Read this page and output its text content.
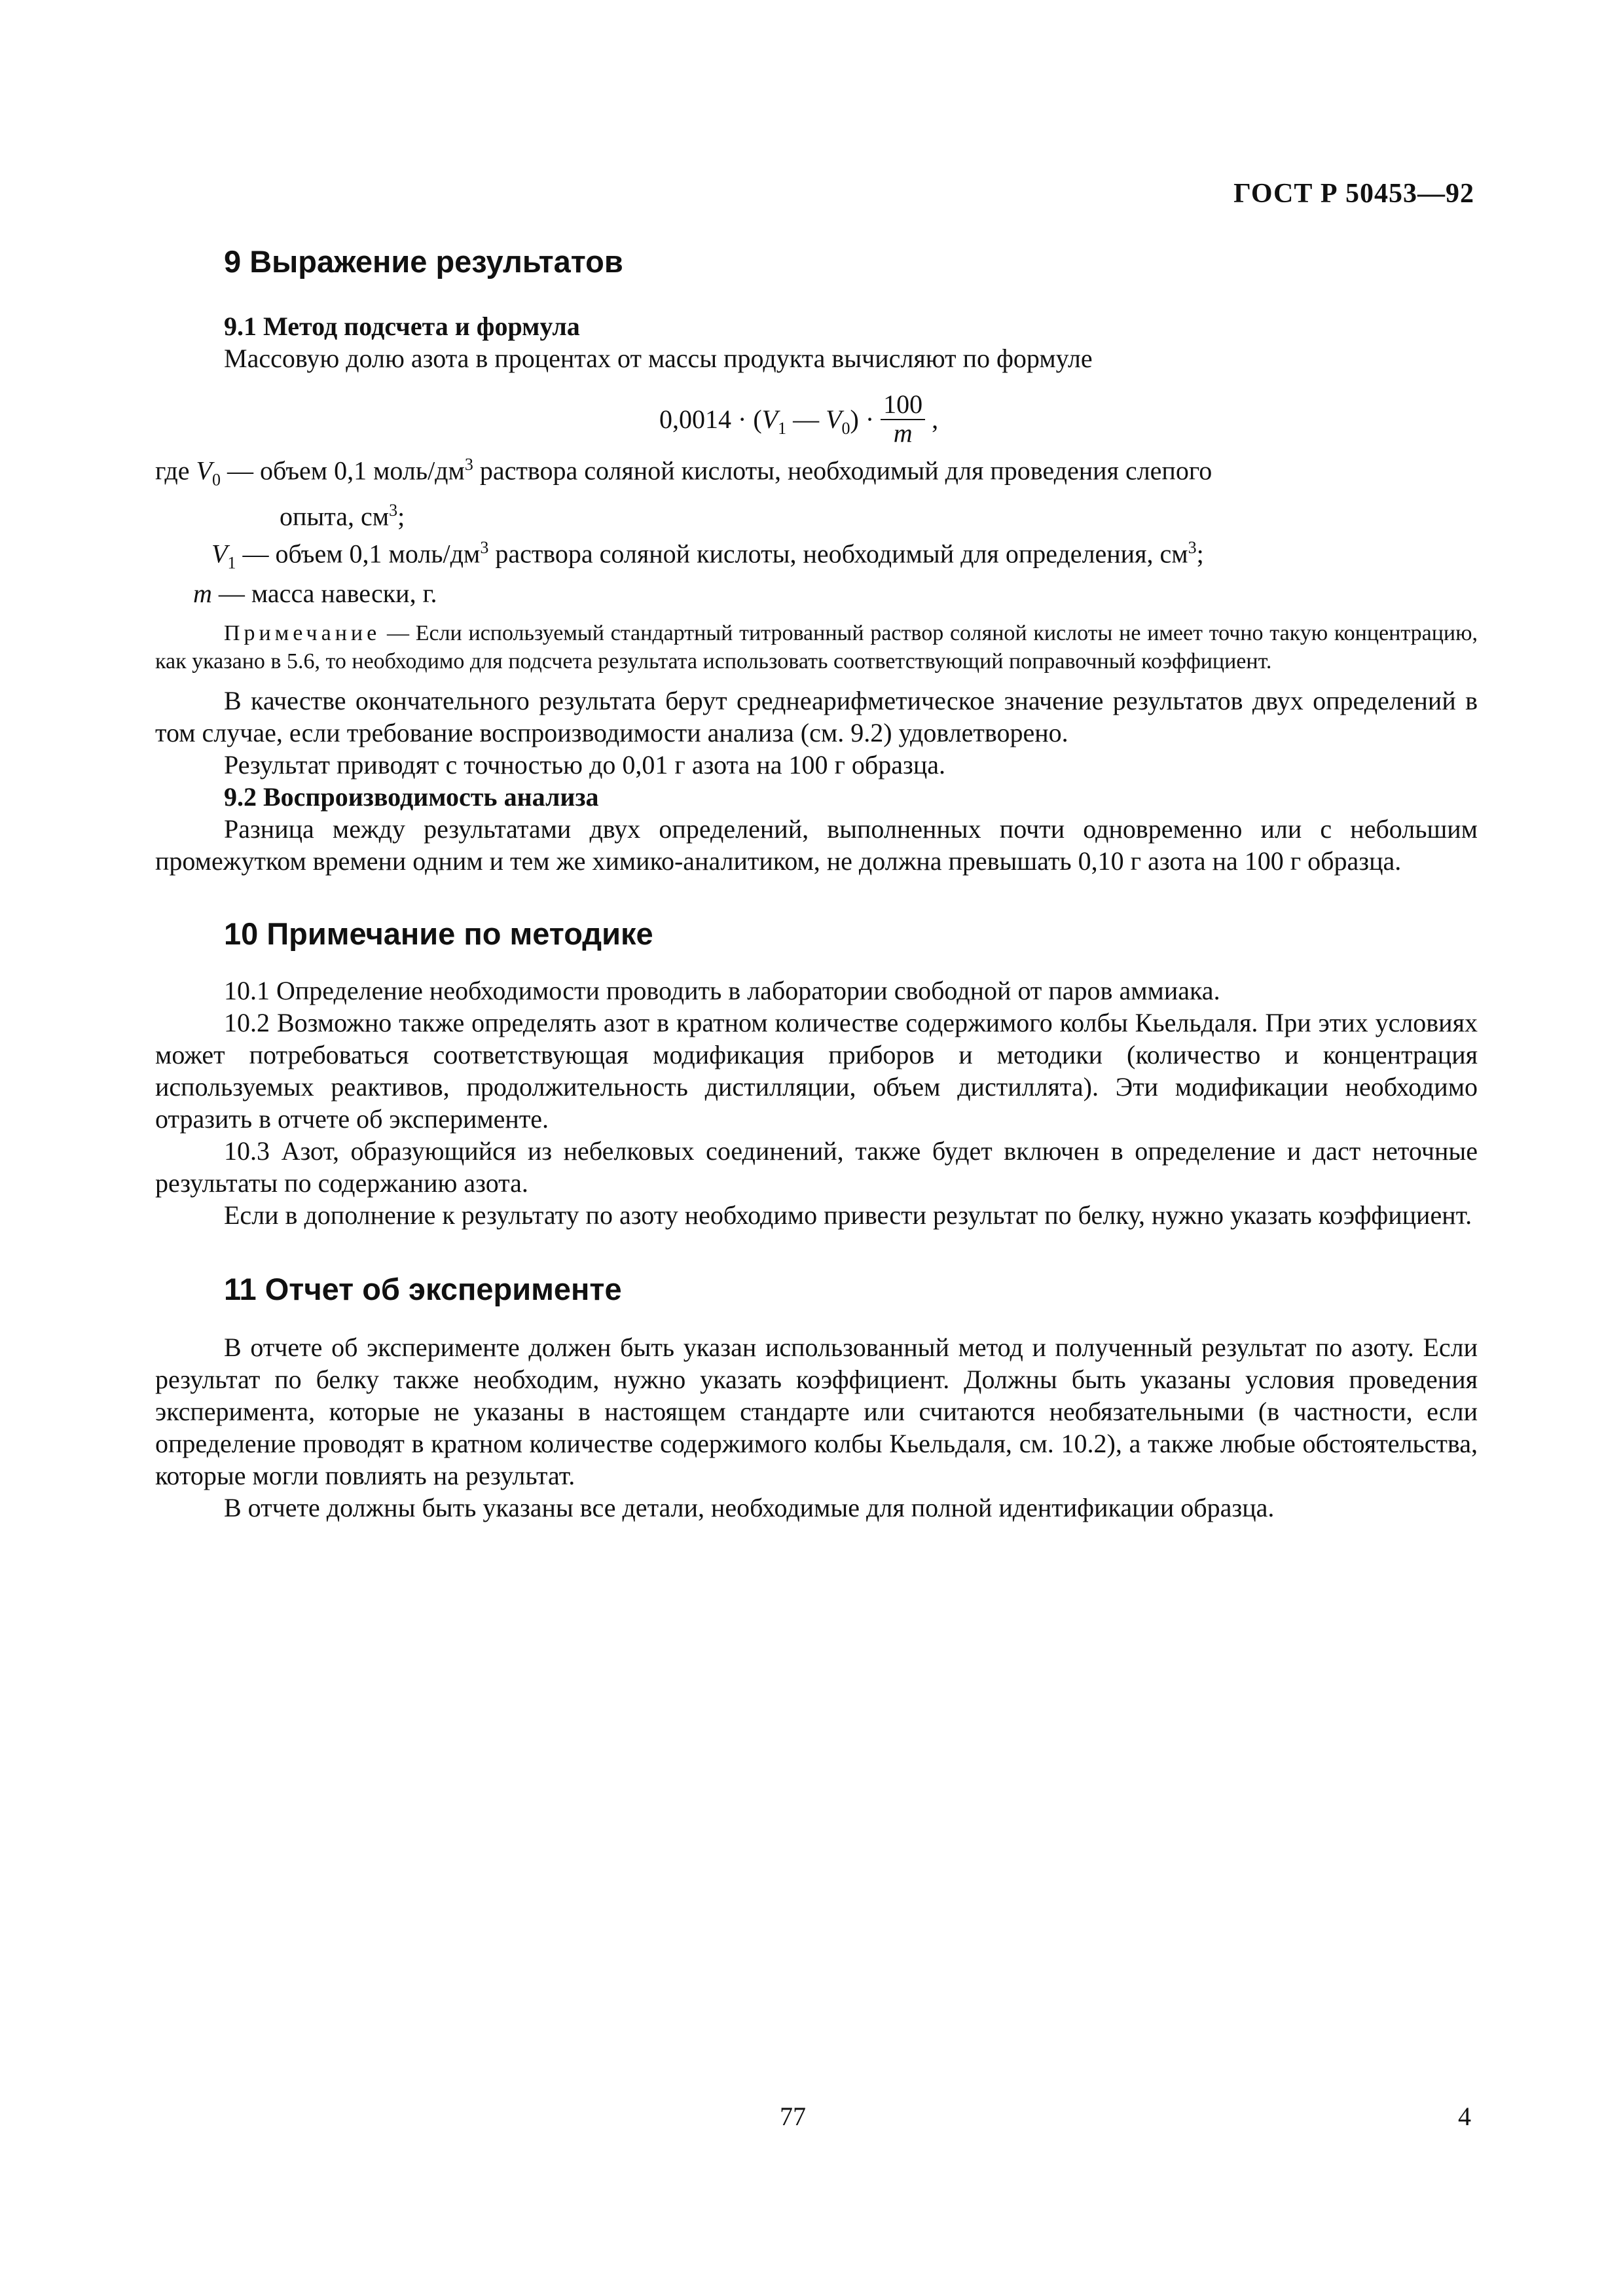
ГОСТ Р 50453—92
9 Выражение результатов
9.1 Метод подсчета и формула

Массовую долю азота в процентах от массы продукта вычисляют по формуле

$0,0014 \cdot (V_1$ — $V_0) \cdot \frac{100}{m}$ ,
где $V_0$ — объем 0,1 моль/$дм^3$ раствора соляной кислоты, необходимый для проведения слепого
опыта, $см^3$;
$V_1$ — объем 0,1 моль/$дм^3$ раствора соляной кислоты, необходимый для определения, $см^3$;
m — масса навески, г.
Примечание — Если используемый стандартный титрованный раствор соляной кислоты не имеет точно такую концентрацию, как указано в 5.6, то необходимо для подсчета результата использовать соответствующий поправочный коэффициент.

В качестве окончательного результата берут среднеарифметическое значение результатов двух определений в том случае, если требование воспроизводимости анализа (см. 9.2) удовлетворено.

Результат приводят с точностью до 0,01 г азота на 100 г образца.

9.2 Воспроизводимость анализа

Разница между результатами двух определений, выполненных почти одновременно или с небольшим промежутком времени одним и тем же химико-аналитиком, не должна превышать 0,10 г азота на 100 г образца.

10 Примечание по методике

10.1 Определение необходимости проводить в лаборатории свободной от паров аммиака.

10.2 Возможно также определять азот в кратном количестве содержимого колбы Кьельдаля. При этих условиях может потребоваться соответствующая модификация приборов и методики (количество и концентрация используемых реактивов, продолжительность дистилляции, объем дистиллята). Эти модификации необходимо отразить в отчете об эксперименте.

10.3 Азот, образующийся из небелковых соединений, также будет включен в определение и даст неточные результаты по содержанию азота.

Если в дополнение к результату по азоту необходимо привести результат по белку, нужно указать коэффициент.

11 Отчет об эксперименте

В отчете об эксперименте должен быть указан использованный метод и полученный результат по азоту. Если результат по белку также необходим, нужно указать коэффициент. Должны быть указаны условия проведения эксперимента, которые не указаны в настоящем стандарте или считаются необязательными (в частности, если определение проводят в кратном количестве содержимого колбы Кьельдаля, см. 10.2), а также любые обстоятельства, которые могли повлиять на результат.

В отчете должны быть указаны все детали, необходимые для полной идентификации образца.

77	4
